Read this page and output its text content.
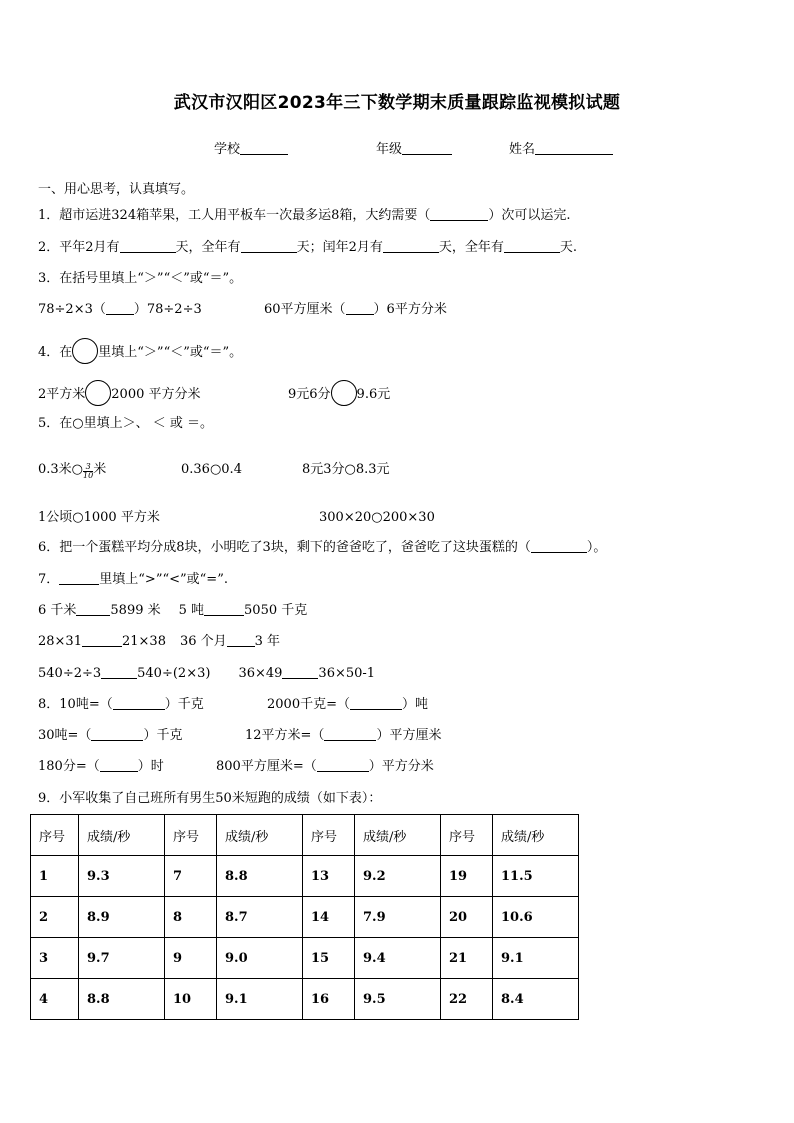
武汉市汉阳区2023年三下数学期末质量跟踪监视模拟试题
学校	年级	姓名
一、用心思考，认真填写。
1．超市运进324箱苹果，工人用平板车一次最多运8箱，大约需要（	）次可以运完.
2．平年2月有	天，全年有	天；闰年2月有	天，全年有	天.
3．在括号里填上“＞”“＜”或“＝”。
78÷2×3（ ）78÷2÷3	60平方厘米（ ）6平方分米
4．在 里填上“＞”“＜”或“＝”。
2平方米 2000 平方分米	9元6分 9.6元
5．在○里填上＞、 ＜ 或 ＝。
0.3米○ $\frac{3}{10}$ 米	0.36○0.4	8元3分○8.3元
1公顷○1000 平方米	300×20○200×30
6．把一个蛋糕平均分成8块，小明吃了3块，剩下的爸爸吃了，爸爸吃了这块蛋糕的（	）。
7．	里填上“>”“<”或“=”.
6 千米	5899 米 5 吨	5050 千克
28×31	21×38 36 个月 3 年
540÷2÷3	540÷(2×3) 36×49	36×50-1
8．10吨=（	）千克	2000千克=（	）吨
30吨=（	）千克	12平方米=（	）平方厘米
180分=（	）时	800平方厘米=（	）平方分米
9．小军收集了自己班所有男生50米短跑的成绩（如下表）：
序号	成绩/秒	序号	成绩/秒	序号	成绩/秒	序号	成绩/秒
1	9.3	7	8.8	13	9.2	19	11.5
2	8.9	8	8.7	14	7.9	20	10.6
3	9.7	9	9.0	15	9.4	21	9.1
4	8.8	10	9.1	16	9.5	22	8.4
